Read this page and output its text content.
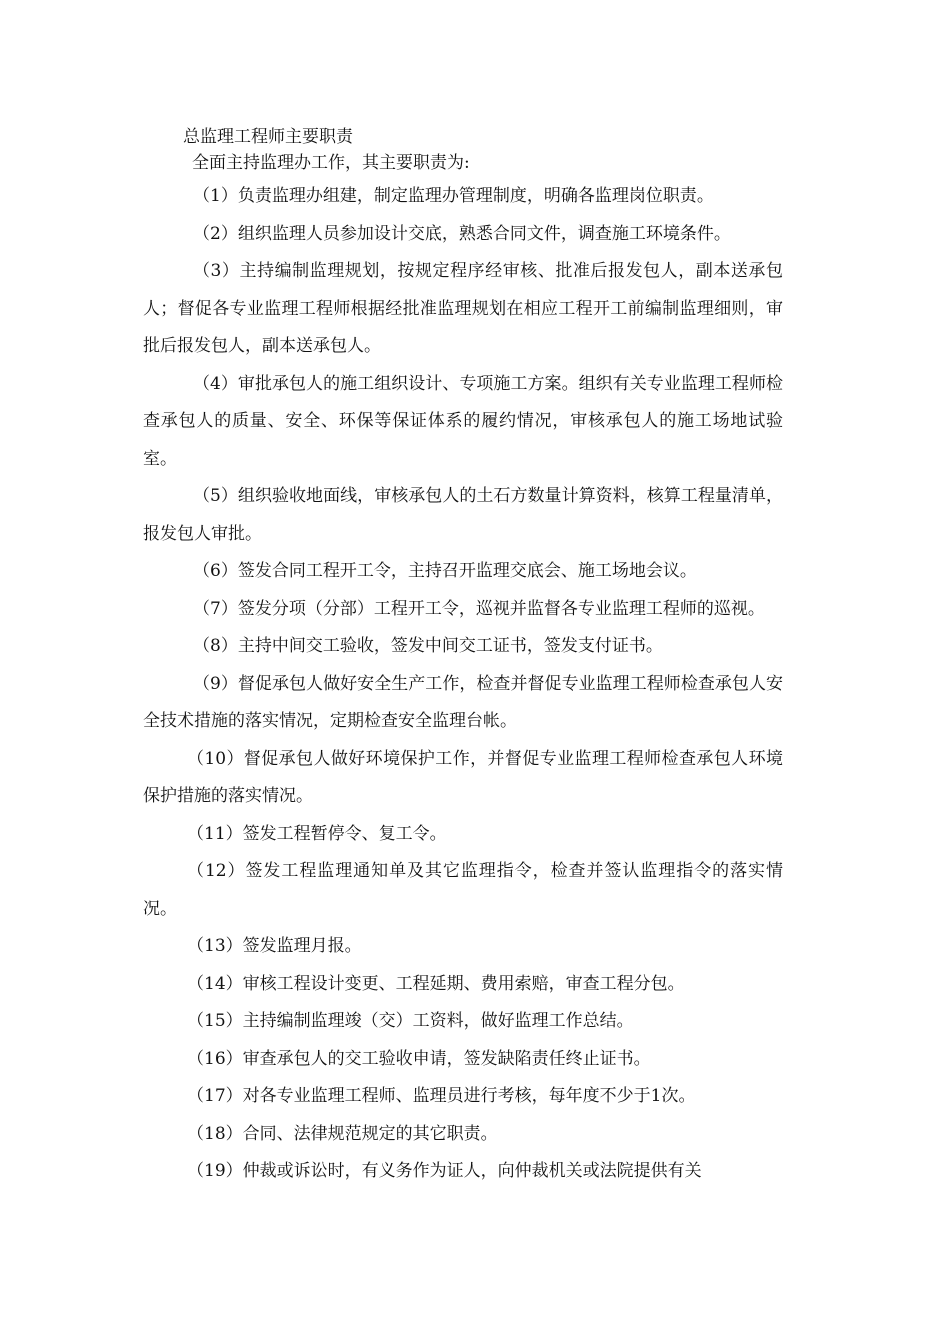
总监理工程师主要职责
全面主持监理办工作，其主要职责为:

（1）负责监理办组建，制定监理办管理制度，明确各监理岗位职责。

（2）组织监理人员参加设计交底，熟悉合同文件，调查施工环境条件。

（3）主持编制监理规划，按规定程序经审核、批准后报发包人，副本送承包人；督促各专业监理工程师根据经批准监理规划在相应工程开工前编制监理细则，审批后报发包人，副本送承包人。

（4）审批承包人的施工组织设计、专项施工方案。组织有关专业监理工程师检查承包人的质量、安全、环保等保证体系的履约情况，审核承包人的施工场地试验室。

（5）组织验收地面线，审核承包人的土石方数量计算资料，核算工程量清单，报发包人审批。

（6）签发合同工程开工令，主持召开监理交底会、施工场地会议。

（7）签发分项（分部）工程开工令，巡视并监督各专业监理工程师的巡视。

（8）主持中间交工验收，签发中间交工证书，签发支付证书。

（9）督促承包人做好安全生产工作，检查并督促专业监理工程师检查承包人安全技术措施的落实情况，定期检查安全监理台帐。

（10）督促承包人做好环境保护工作，并督促专业监理工程师检查承包人环境保护措施的落实情况。

（11）签发工程暂停令、复工令。

（12）签发工程监理通知单及其它监理指令，检查并签认监理指令的落实情况。

（13）签发监理月报。

（14）审核工程设计变更、工程延期、费用索赔，审查工程分包。

（15）主持编制监理竣（交）工资料，做好监理工作总结。

（16）审查承包人的交工验收申请，签发缺陷责任终止证书。

（17）对各专业监理工程师、监理员进行考核，每年度不少于1次。

（18）合同、法律规范规定的其它职责。

（19）仲裁或诉讼时，有义务作为证人，向仲裁机关或法院提供有关
